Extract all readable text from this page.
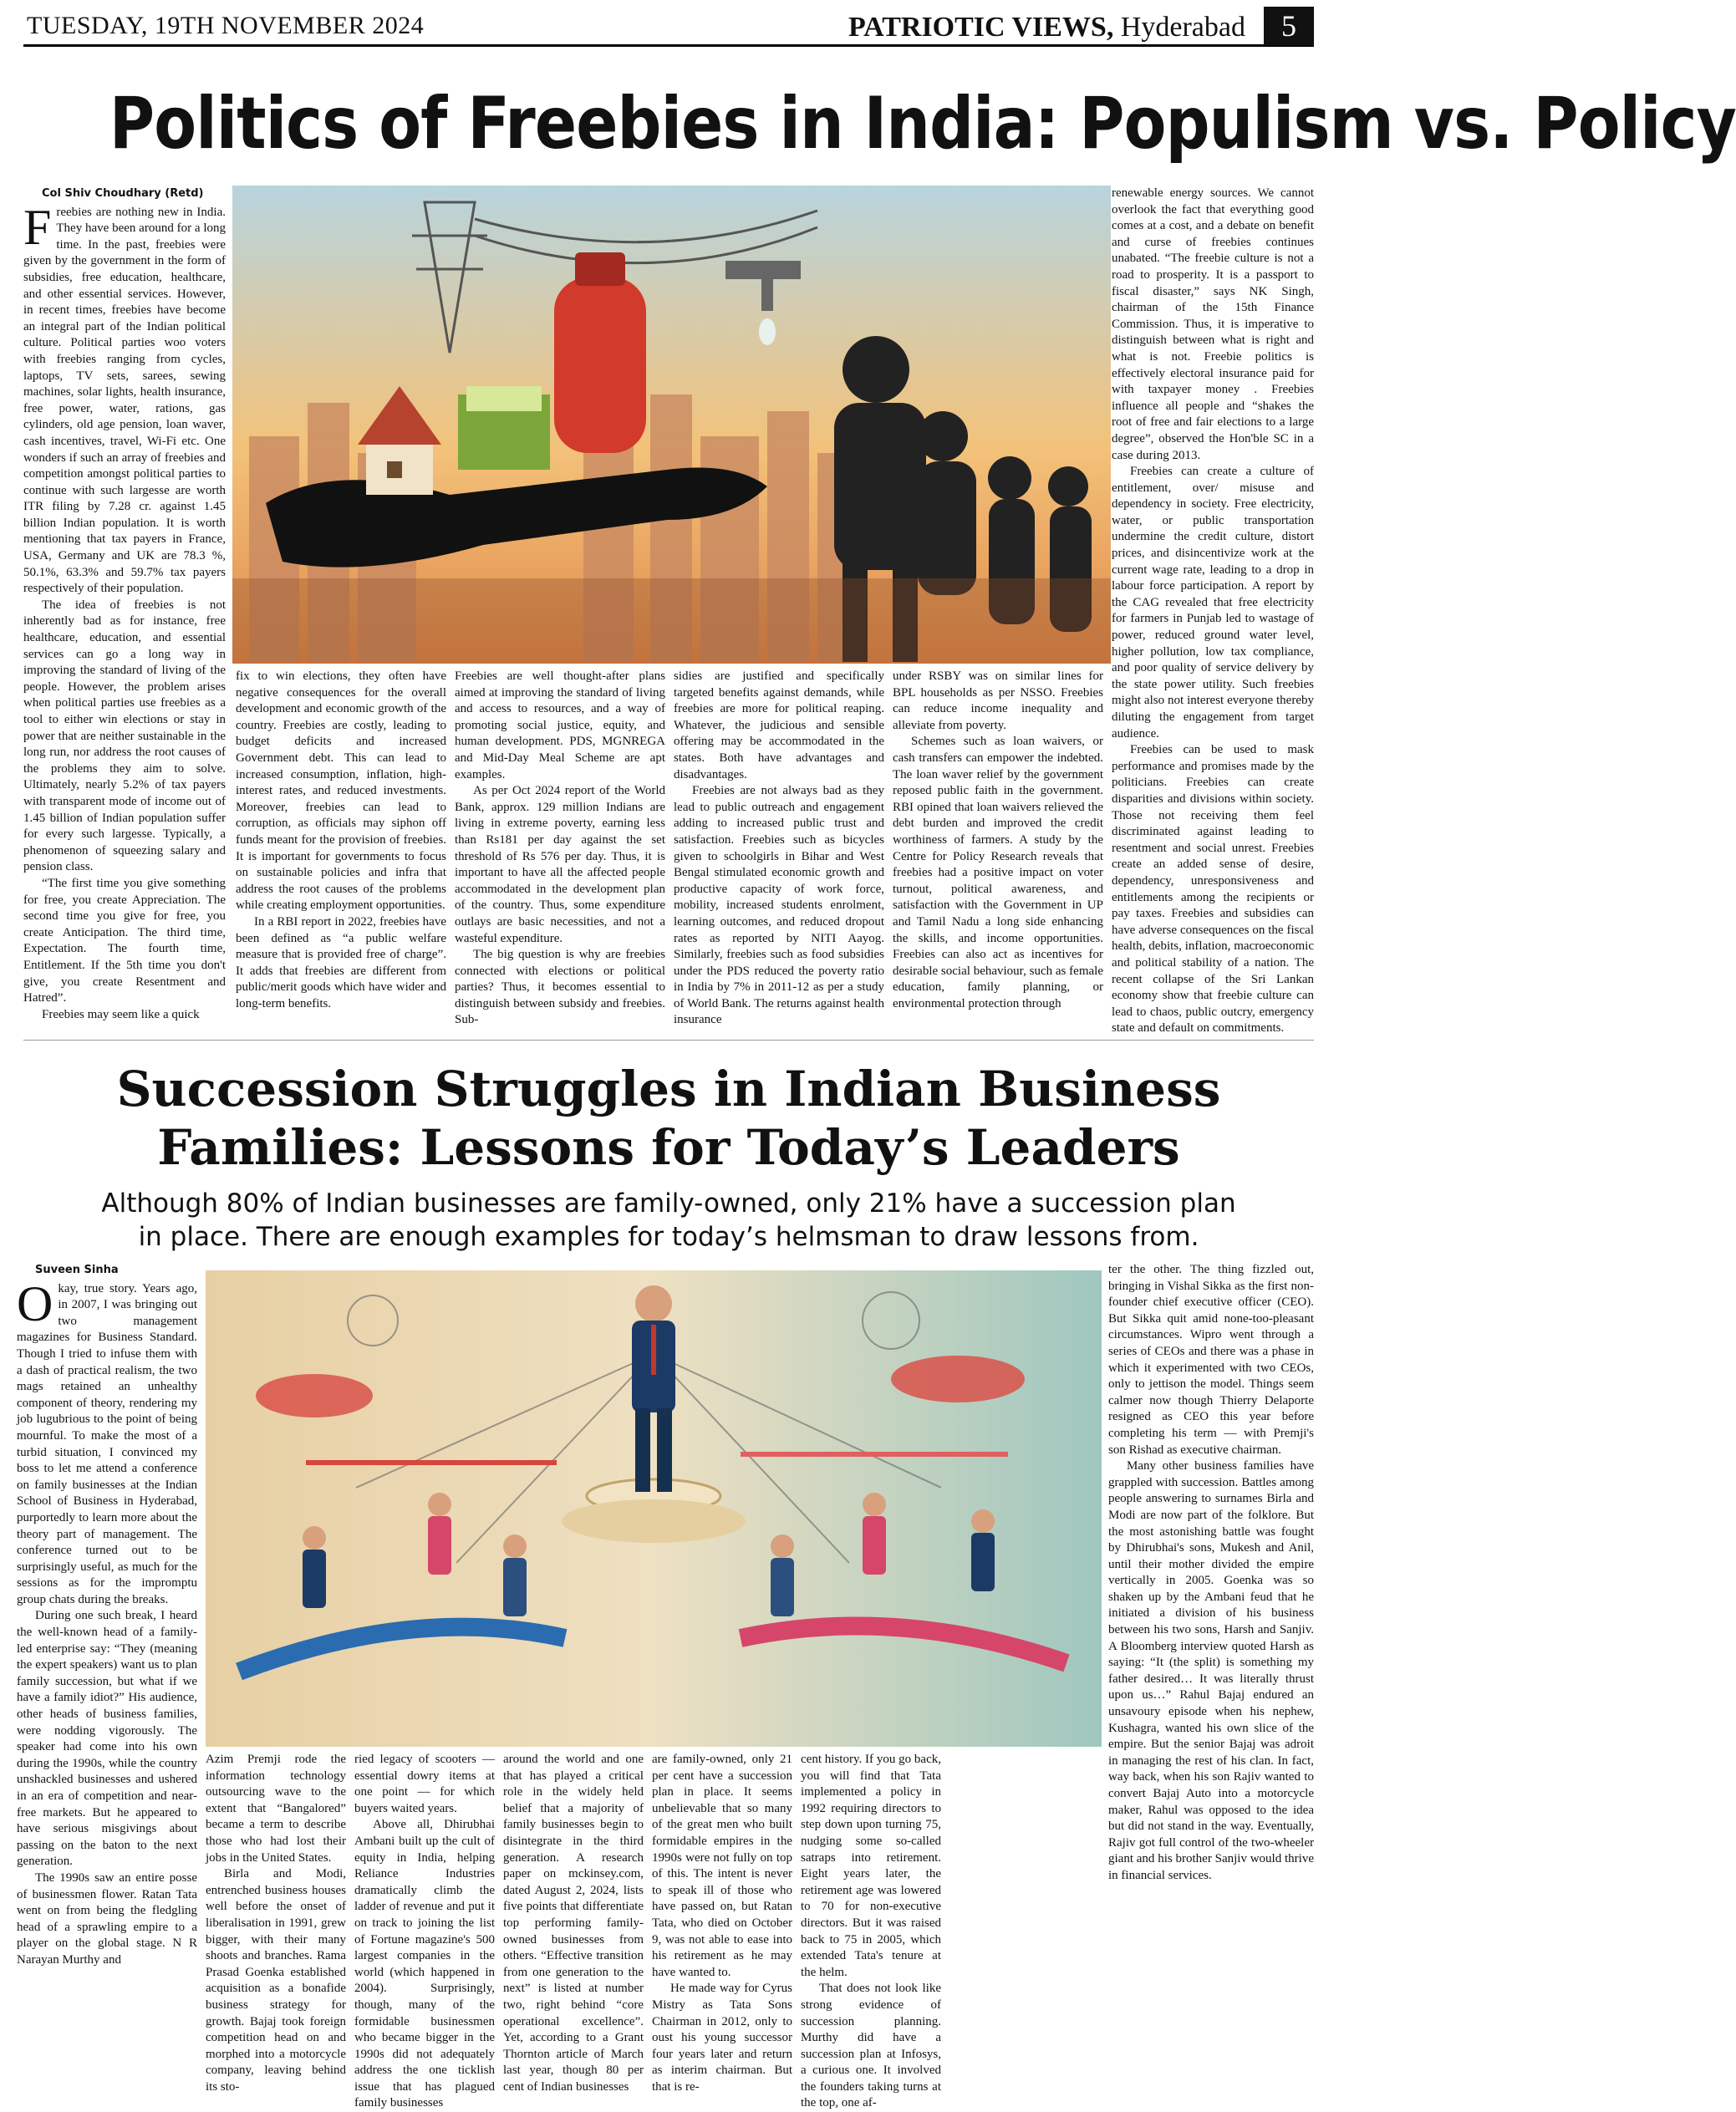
TUESDAY, 19TH NOVEMBER 2024	PATRIOTIC VIEWS, Hyderabad	5
Politics of Freebies in India: Populism vs. Policy

Col Shiv Choudhary (Retd)

Freebies are nothing new in India. They have been around for a long time. In the past, freebies were given by the government in the form of subsidies, free education, healthcare, and other essential services. However, in recent times, freebies have become an integral part of the Indian political culture. Political parties woo voters with freebies ranging from cycles, laptops, TV sets, sarees, sewing machines, solar lights, health insurance, free power, water, rations, gas cylinders, old age pension, loan waver, cash incentives, travel, Wi-Fi etc. One wonders if such an array of freebies and competition amongst political parties to continue with such largesse are worth ITR filing by 7.28 cr. against 1.45 billion Indian population. It is worth mentioning that tax payers in France, USA, Germany and UK are 78.3 %, 50.1%, 63.3% and 59.7% tax payers respectively of their population.

The idea of freebies is not inherently bad as for instance, free healthcare, education, and essential services can go a long way in improving the standard of living of the people. However, the problem arises when political parties use freebies as a tool to either win elections or stay in power that are neither sustainable in the long run, nor address the root causes of the problems they aim to solve. Ultimately, nearly 5.2% of tax payers with transparent mode of income out of 1.45 billion of Indian population suffer for every such largesse. Typically, a phenomenon of squeezing salary and pension class.

“The first time you give something for free, you create Appreciation. The second time you give for free, you create Anticipation. The third time, Expectation. The fourth time, Entitlement. If the 5th time you don't give, you create Resentment and Hatred”.

Freebies may seem like a quick

fix to win elections, they often have negative consequences for the overall development and economic growth of the country. Freebies are costly, leading to budget deficits and increased Government debt. This can lead to increased consumption, inflation, high-interest rates, and reduced investments. Moreover, freebies can lead to corruption, as officials may siphon off funds meant for the provision of freebies. It is important for governments to focus on sustainable policies and infra that address the root causes of the problems while creating employment opportunities.

In a RBI report in 2022, freebies have been defined as “a public welfare measure that is provided free of charge”. It adds that freebies are different from public/merit goods which have wider and long-term benefits.

Freebies are well thought-after plans aimed at improving the standard of living and access to resources, and a way of promoting social justice, equity, and human development. PDS, MGNREGA and Mid-Day Meal Scheme are apt examples.

As per Oct 2024 report of the World Bank, approx. 129 million Indians are living in extreme poverty, earning less than Rs181 per day against the set threshold of Rs 576 per day. Thus, it is important to have all the affected people accommodated in the development plan of the country. Thus, some expenditure outlays are basic necessities, and not a wasteful expenditure.

The big question is why are freebies connected with elections or political parties? Thus, it becomes essential to distinguish between subsidy and freebies. Sub-

sidies are justified and specifically targeted benefits against demands, while freebies are more for political reaping. Whatever, the judicious and sensible offering may be accommodated in the states. Both have advantages and disadvantages.

Freebies are not always bad as they lead to public outreach and engagement adding to increased public trust and satisfaction. Freebies such as bicycles given to schoolgirls in Bihar and West Bengal stimulated economic growth and productive capacity of work force, mobility, increased students enrolment, learning outcomes, and reduced dropout rates as reported by NITI Aayog. Similarly, freebies such as food subsidies under the PDS reduced the poverty ratio in India by 7% in 2011-12 as per a study of World Bank. The returns against health insurance

under RSBY was on similar lines for BPL households as per NSSO. Freebies can reduce income inequality and alleviate from poverty.

Schemes such as loan waivers, or cash transfers can empower the indebted. The loan waver relief by the government reposed public faith in the government. RBI opined that loan waivers relieved the debt burden and improved the credit worthiness of farmers. A study by the Centre for Policy Research reveals that freebies had a positive impact on voter turnout, political awareness, and satisfaction with the Government in UP and Tamil Nadu a long side enhancing the skills, and income opportunities. Freebies can also act as incentives for desirable social behaviour, such as female education, family planning, or environmental protection through

renewable energy sources. We cannot overlook the fact that everything good comes at a cost, and a debate on benefit and curse of freebies continues unabated. “The freebie culture is not a road to prosperity. It is a passport to fiscal disaster,” says NK Singh, chairman of the 15th Finance Commission. Thus, it is imperative to distinguish between what is right and what is not. Freebie politics is effectively electoral insurance paid for with taxpayer money . Freebies influence all people and “shakes the root of free and fair elections to a large degree”, observed the Hon'ble SC in a case during 2013.

Freebies can create a culture of entitlement, over/ misuse and dependency in society. Free electricity, water, or public transportation undermine the credit culture, distort prices, and disincentivize work at the current wage rate, leading to a drop in labour force participation. A report by the CAG revealed that free electricity for farmers in Punjab led to wastage of power, reduced ground water level, higher pollution, low tax compliance, and poor quality of service delivery by the state power utility. Such freebies might also not interest everyone thereby diluting the engagement from target audience.

Freebies can be used to mask performance and promises made by the politicians. Freebies can create disparities and divisions within society. Those not receiving them feel discriminated against leading to resentment and social unrest. Freebies create an added sense of desire, dependency, unresponsiveness and entitlements among the recipients or pay taxes. Freebies and subsidies can have adverse consequences on the fiscal health, debits, inflation, macroeconomic and political stability of a nation. The recent collapse of the Sri Lankan economy show that freebie culture can lead to chaos, public outcry, emergency state and default on commitments.

Succession Struggles in Indian Business
Families: Lessons for Today’s Leaders
Although 80% of Indian businesses are family-owned, only 21% have a succession plan
in place. There are enough examples for today’s helmsman to draw lessons from.

Suveen Sinha

Okay, true story. Years ago, in 2007, I was bringing out two management magazines for Business Standard. Though I tried to infuse them with a dash of practical realism, the two mags retained an unhealthy component of theory, rendering my job lugubrious to the point of being mournful. To make the most of a turbid situation, I convinced my boss to let me attend a conference on family businesses at the Indian School of Business in Hyderabad, purportedly to learn more about the theory part of management. The conference turned out to be surprisingly useful, as much for the sessions as for the impromptu group chats during the breaks.

During one such break, I heard the well-known head of a family-led enterprise say: “They (meaning the expert speakers) want us to plan family succession, but what if we have a family idiot?” His audience, other heads of business families, were nodding vigorously. The speaker had come into his own during the 1990s, while the country unshackled businesses and ushered in an era of competition and near-free markets. But he appeared to have serious misgivings about passing on the baton to the next generation.

The 1990s saw an entire posse of businessmen flower. Ratan Tata went on from being the fledgling head of a sprawling empire to a player on the global stage. N R Narayan Murthy and

Azim Premji rode the information technology outsourcing wave to the extent that “Bangalored” became a term to describe those who had lost their jobs in the United States.

Birla and Modi, entrenched business houses well before the onset of liberalisation in 1991, grew bigger, with their many shoots and branches. Rama Prasad Goenka established acquisition as a bonafide business strategy for growth. Bajaj took foreign competition head on and morphed into a motorcycle company, leaving behind its sto-

ried legacy of scooters — essential dowry items at one point — for which buyers waited years.

Above all, Dhirubhai Ambani built up the cult of equity in India, helping Reliance Industries dramatically climb the ladder of revenue and put it on track to joining the list of Fortune magazine's 500 largest companies in the world (which happened in 2004). Surprisingly, though, many of the formidable businessmen who became bigger in the 1990s did not adequately address the one ticklish issue that has plagued family businesses

around the world and one that has played a critical role in the widely held belief that a majority of family businesses begin to disintegrate in the third generation. A research paper on mckinsey.com, dated August 2, 2024, lists five points that differentiate top performing family-owned businesses from others. “Effective transition from one generation to the next” is listed at number two, right behind “core operational excellence”. Yet, according to a Grant Thornton article of March last year, though 80 per cent of Indian businesses

are family-owned, only 21 per cent have a succession plan in place. It seems unbelievable that so many of the great men who built formidable empires in the 1990s were not fully on top of this. The intent is never to speak ill of those who have passed on, but Ratan Tata, who died on October 9, was not able to ease into his retirement as he may have wanted to.

He made way for Cyrus Mistry as Tata Sons Chairman in 2012, only to oust his young successor four years later and return as interim chairman. But that is re-

cent history. If you go back, you will find that Tata implemented a policy in 1992 requiring directors to step down upon turning 75, nudging some so-called satraps into retirement. Eight years later, the retirement age was lowered to 70 for non-executive directors. But it was raised back to 75 in 2005, which extended Tata's tenure at the helm.

That does not look like strong evidence of succession planning. Murthy did have a succession plan at Infosys, a curious one. It involved the founders taking turns at the top, one af-

ter the other. The thing fizzled out, bringing in Vishal Sikka as the first non-founder chief executive officer (CEO). But Sikka quit amid none-too-pleasant circumstances. Wipro went through a series of CEOs and there was a phase in which it experimented with two CEOs, only to jettison the model. Things seem calmer now though Thierry Delaporte resigned as CEO this year before completing his term — with Premji's son Rishad as executive chairman.

Many other business families have grappled with succession. Battles among people answering to surnames Birla and Modi are now part of the folklore. But the most astonishing battle was fought by Dhirubhai's sons, Mukesh and Anil, until their mother divided the empire vertically in 2005. Goenka was so shaken up by the Ambani feud that he initiated a division of his business between his two sons, Harsh and Sanjiv. A Bloomberg interview quoted Harsh as saying: “It (the split) is something my father desired… It was literally thrust upon us…” Rahul Bajaj endured an unsavoury episode when his nephew, Kushagra, wanted his own slice of the empire. But the senior Bajaj was adroit in managing the rest of his clan. In fact, way back, when his son Rajiv wanted to convert Bajaj Auto into a motorcycle maker, Rahul was opposed to the idea but did not stand in the way. Eventually, Rajiv got full control of the two-wheeler giant and his brother Sanjiv would thrive in financial services.
